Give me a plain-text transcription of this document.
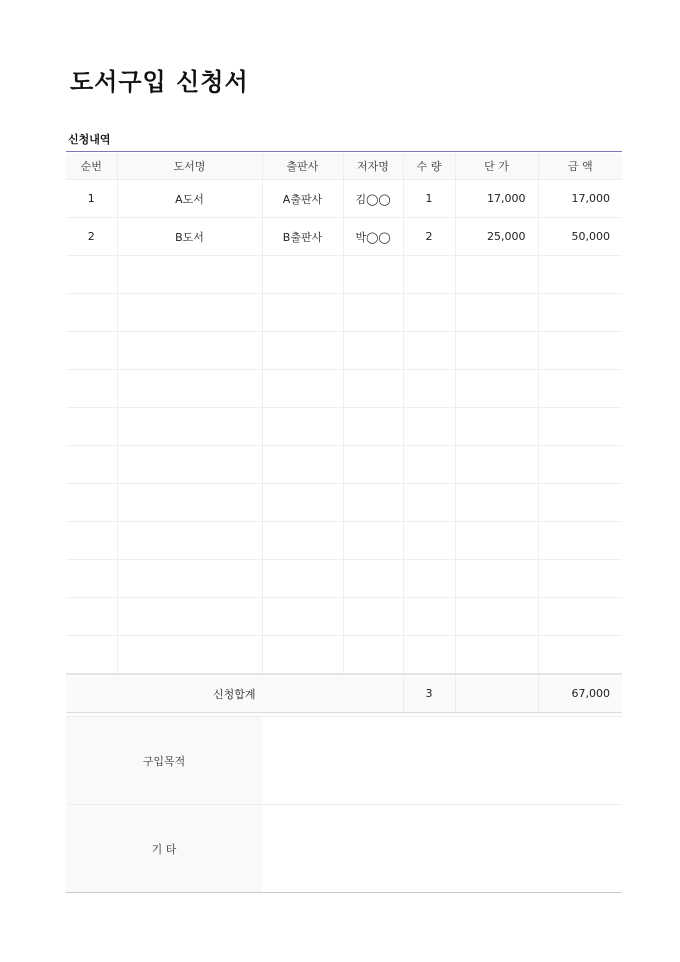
도서구입 신청서
신청내역
순번	도서명	출판사	저자명	수 량	단 가	금 액
1	A도서	A출판사	김◯◯	1	17,000	17,000
2	B도서	B출판사	박◯◯	2	25,000	50,000

신청합계				3		67,000
구입목적	
기 타	
